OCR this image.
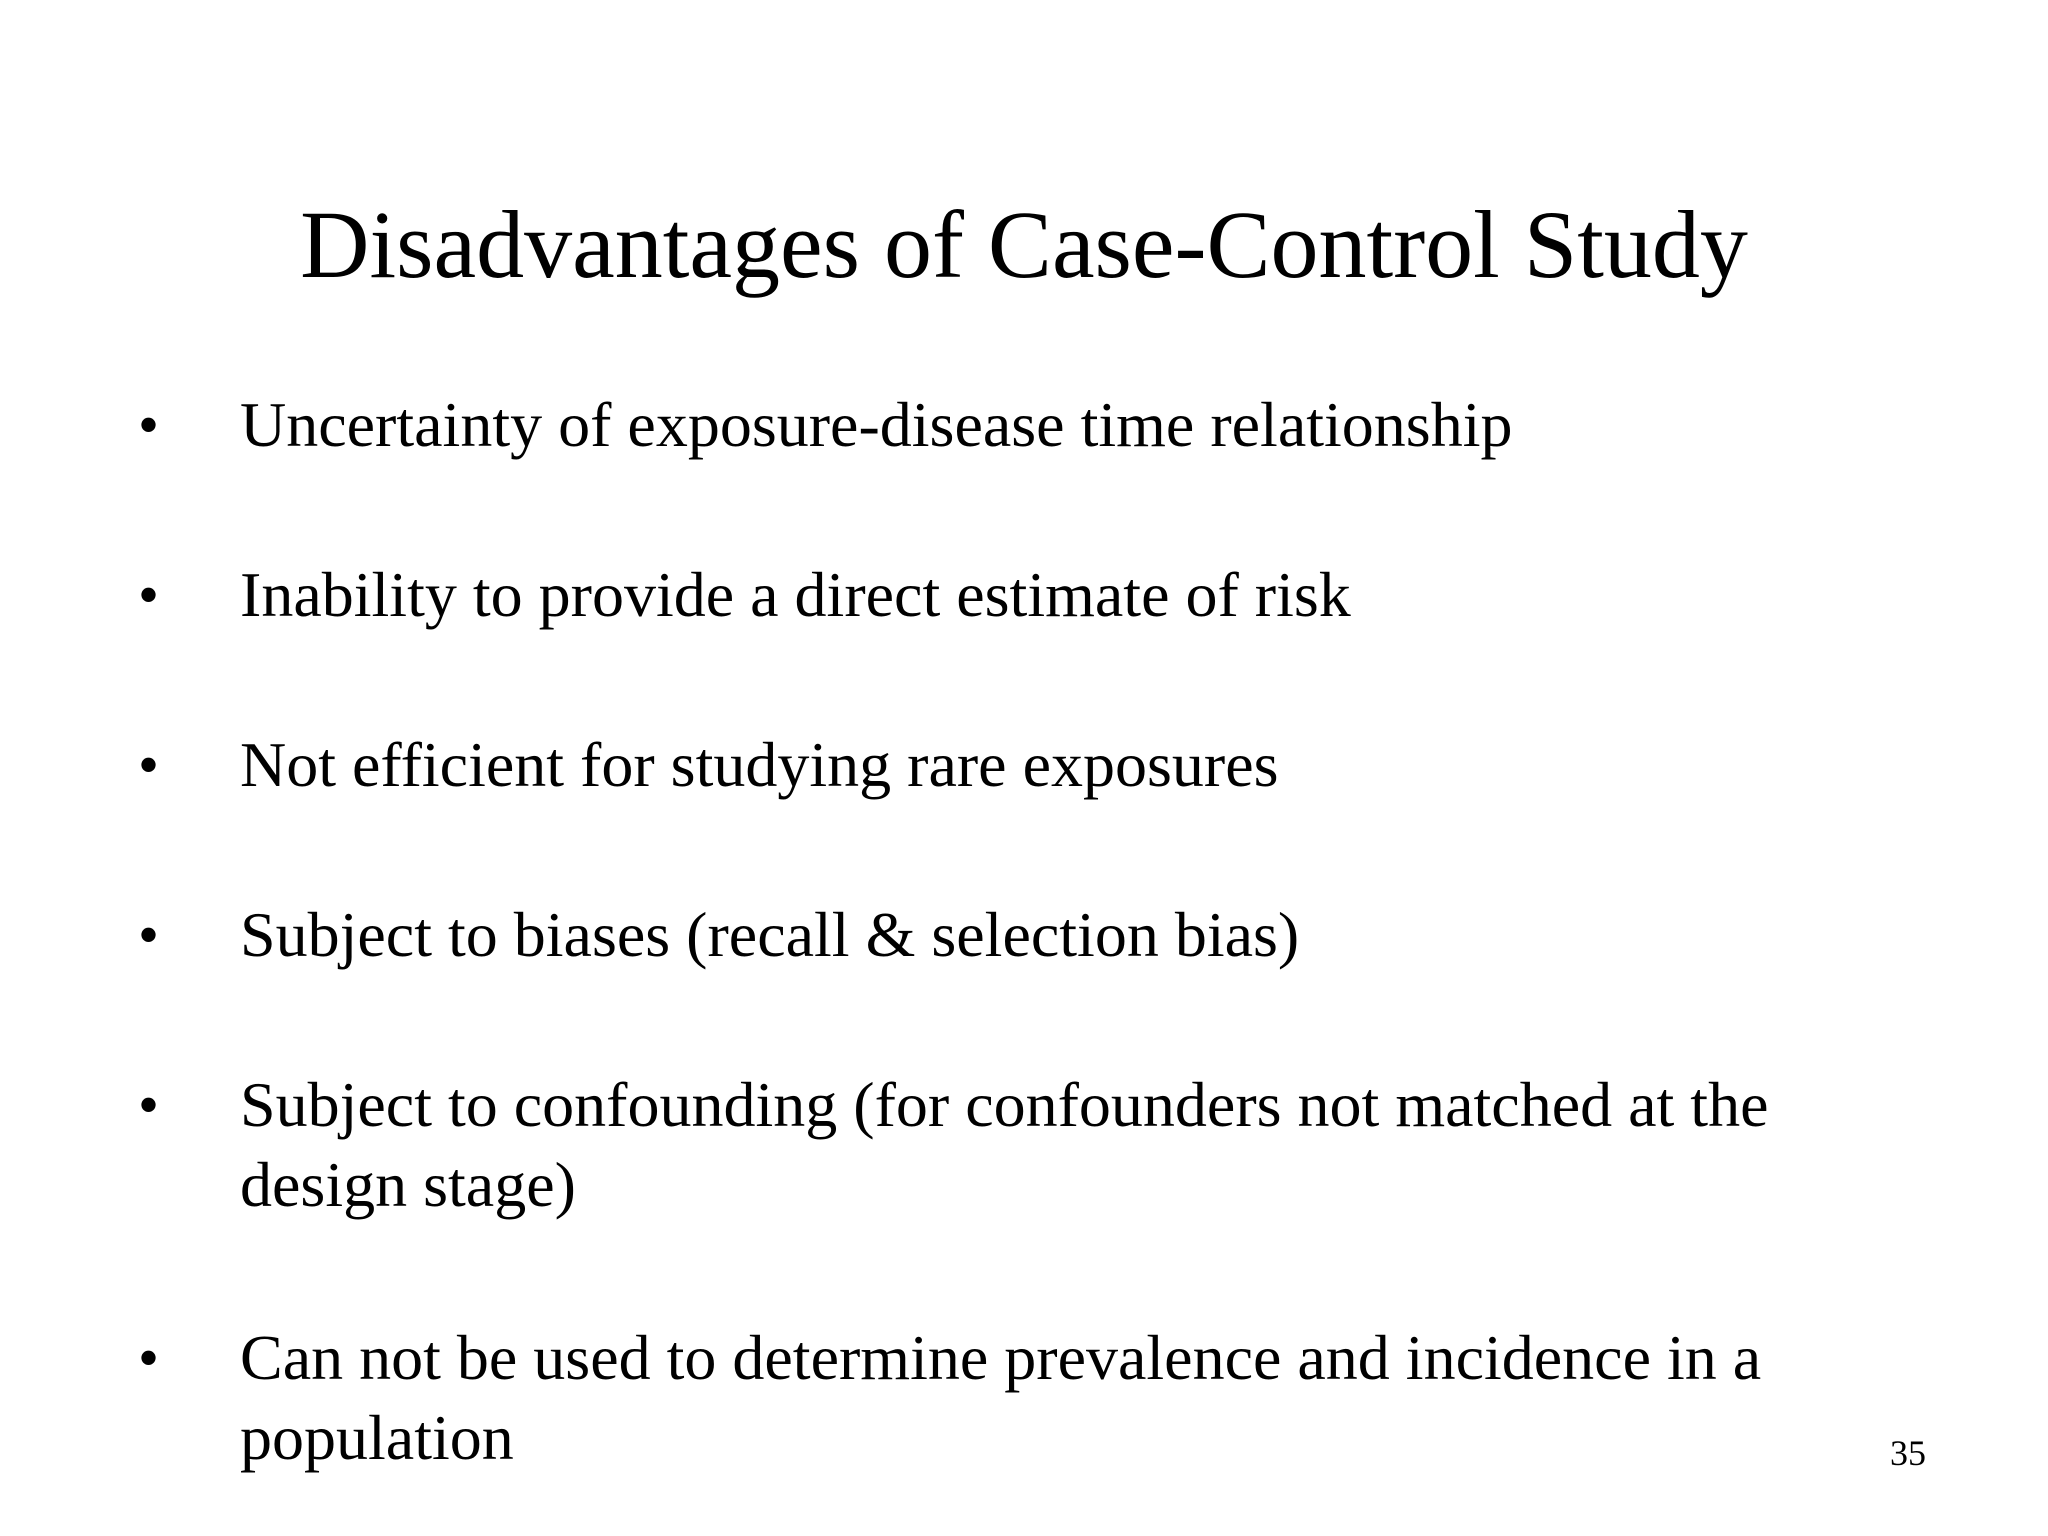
Disadvantages of Case-Control Study
• Uncertainty of exposure-disease time relationship
• Inability to provide a direct estimate of risk
• Not efficient for studying rare exposures
• Subject to biases (recall & selection bias)
• Subject to confounding (for confounders not matched at the design stage)
• Can not be used to determine prevalence and incidence in a population	35
